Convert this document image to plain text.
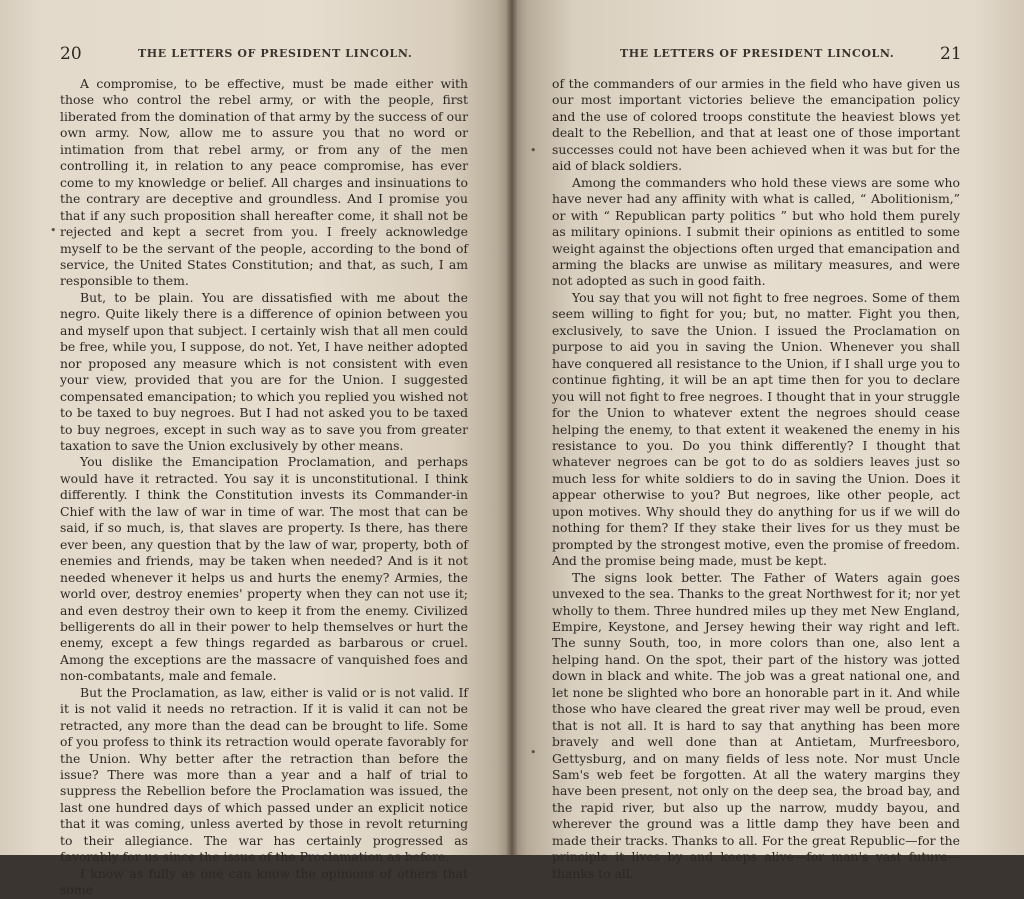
20	THE LETTERS OF PRESIDENT LINCOLN.

A compromise, to be effective, must be made either with those who control the rebel army, or with the people, first liberated from the domination of that army by the success of our own army. Now, allow me to assure you that no word or intimation from that rebel army, or from any of the men controlling it, in relation to any peace compromise, has ever come to my knowledge or belief. All charges and insinuations to the contrary are deceptive and groundless. And I promise you that if any such proposition shall hereafter come, it shall not be rejected and kept a secret from you. I freely acknowledge myself to be the servant of the people, according to the bond of service, the United States Constitution; and that, as such, I am responsible to them.

But, to be plain. You are dissatisfied with me about the negro. Quite likely there is a difference of opinion between you and myself upon that subject. I certainly wish that all men could be free, while you, I suppose, do not. Yet, I have neither adopted nor proposed any measure which is not consistent with even your view, provided that you are for the Union. I suggested compensated emancipation; to which you replied you wished not to be taxed to buy negroes. But I had not asked you to be taxed to buy negroes, except in such way as to save you from greater taxation to save the Union exclusively by other means.

You dislike the Emancipation Proclamation, and perhaps would have it retracted. You say it is unconstitutional. I think differently. I think the Constitution invests its Commander-in Chief with the law of war in time of war. The most that can be said, if so much, is, that slaves are property. Is there, has there ever been, any question that by the law of war, property, both of enemies and friends, may be taken when needed? And is it not needed whenever it helps us and hurts the enemy? Armies, the world over, destroy enemies' property when they can not use it; and even destroy their own to keep it from the enemy. Civilized belligerents do all in their power to help themselves or hurt the enemy, except a few things regarded as barbarous or cruel. Among the exceptions are the massacre of vanquished foes and non-combatants, male and female.

But the Proclamation, as law, either is valid or is not valid. If it is not valid it needs no retraction. If it is valid it can not be retracted, any more than the dead can be brought to life. Some of you profess to think its retraction would operate favorably for the Union. Why better after the retraction than before the issue? There was more than a year and a half of trial to suppress the Rebellion before the Proclamation was issued, the last one hundred days of which passed under an explicit notice that it was coming, unless averted by those in revolt returning to their allegiance. The war has certainly progressed as favorably for us since the issue of the Proclamation as before.

I know as fully as one can know the opinions of others that some

•
THE LETTERS OF PRESIDENT LINCOLN.	21

of the commanders of our armies in the field who have given us our most important victories believe the emancipation policy and the use of colored troops constitute the heaviest blows yet dealt to the Rebellion, and that at least one of those important successes could not have been achieved when it was but for the aid of black soldiers.

Among the commanders who hold these views are some who have never had any affinity with what is called, “ Abolitionism,” or with “ Republican party politics ” but who hold them purely as military opinions. I submit their opinions as entitled to some weight against the objections often urged that emancipation and arming the blacks are unwise as military measures, and were not adopted as such in good faith.

You say that you will not fight to free negroes. Some of them seem willing to fight for you; but, no matter. Fight you then, exclusively, to save the Union. I issued the Proclamation on purpose to aid you in saving the Union. Whenever you shall have conquered all resistance to the Union, if I shall urge you to continue fighting, it will be an apt time then for you to declare you will not fight to free negroes. I thought that in your struggle for the Union to whatever extent the negroes should cease helping the enemy, to that extent it weakened the enemy in his resistance to you. Do you think differently? I thought that whatever negroes can be got to do as soldiers leaves just so much less for white soldiers to do in saving the Union. Does it appear otherwise to you? But negroes, like other people, act upon motives. Why should they do anything for us if we will do nothing for them? If they stake their lives for us they must be prompted by the strongest motive, even the promise of freedom. And the promise being made, must be kept.

The signs look better. The Father of Waters again goes unvexed to the sea. Thanks to the great Northwest for it; nor yet wholly to them. Three hundred miles up they met New England, Empire, Keystone, and Jersey hewing their way right and left. The sunny South, too, in more colors than one, also lent a helping hand. On the spot, their part of the history was jotted down in black and white. The job was a great national one, and let none be slighted who bore an honorable part in it. And while those who have cleared the great river may well be proud, even that is not all. It is hard to say that anything has been more bravely and well done than at Antietam, Murfreesboro, Gettysburg, and on many fields of less note. Nor must Uncle Sam's web feet be forgotten. At all the watery margins they have been present, not only on the deep sea, the broad bay, and the rapid river, but also up the narrow, muddy bayou, and wherever the ground was a little damp they have been and made their tracks. Thanks to all. For the great Republic—for the principle it lives by and keeps alive—for man's vast future—thanks to all.

•
•
